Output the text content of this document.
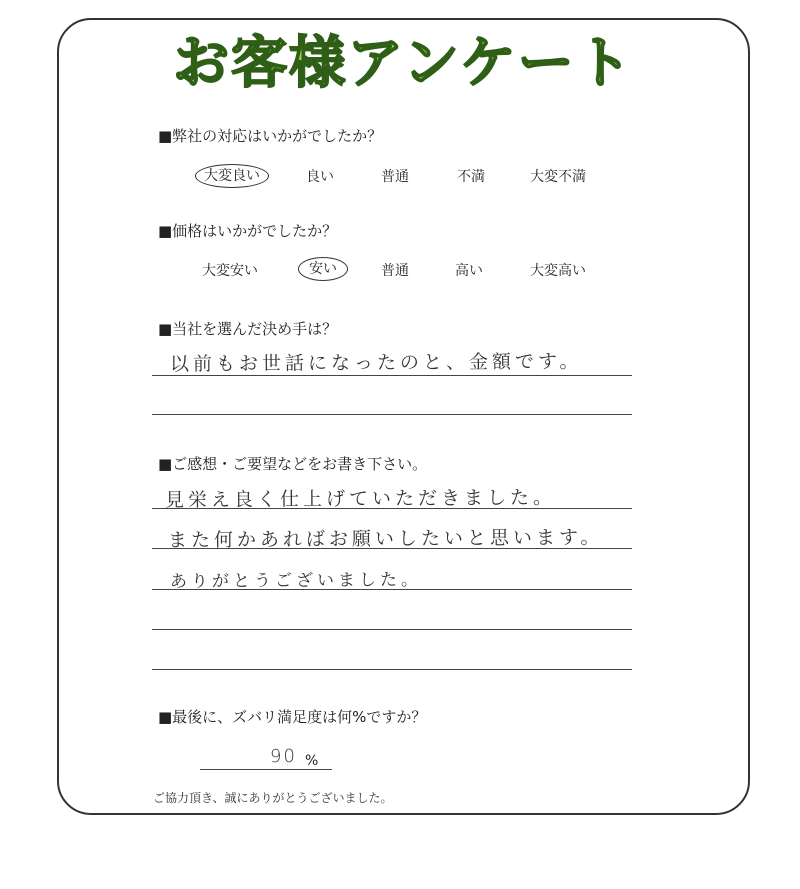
お客様アンケート
■弊社の対応はいかがでしたか？
大変良い	良い	普通	不満	大変不満
■価格はいかがでしたか？
大変安い	安い	普通	高い	大変高い
■当社を選んだ決め手は？
以前もお世話になったのと、金額です。
■ご感想・ご要望などをお書き下さい。
見栄え良く仕上げていただきました。
また何かあればお願いしたいと思います。
ありがとうございました。
■最後に、ズバリ満足度は何%ですか？
90 %
ご協力頂き、誠にありがとうございました。
